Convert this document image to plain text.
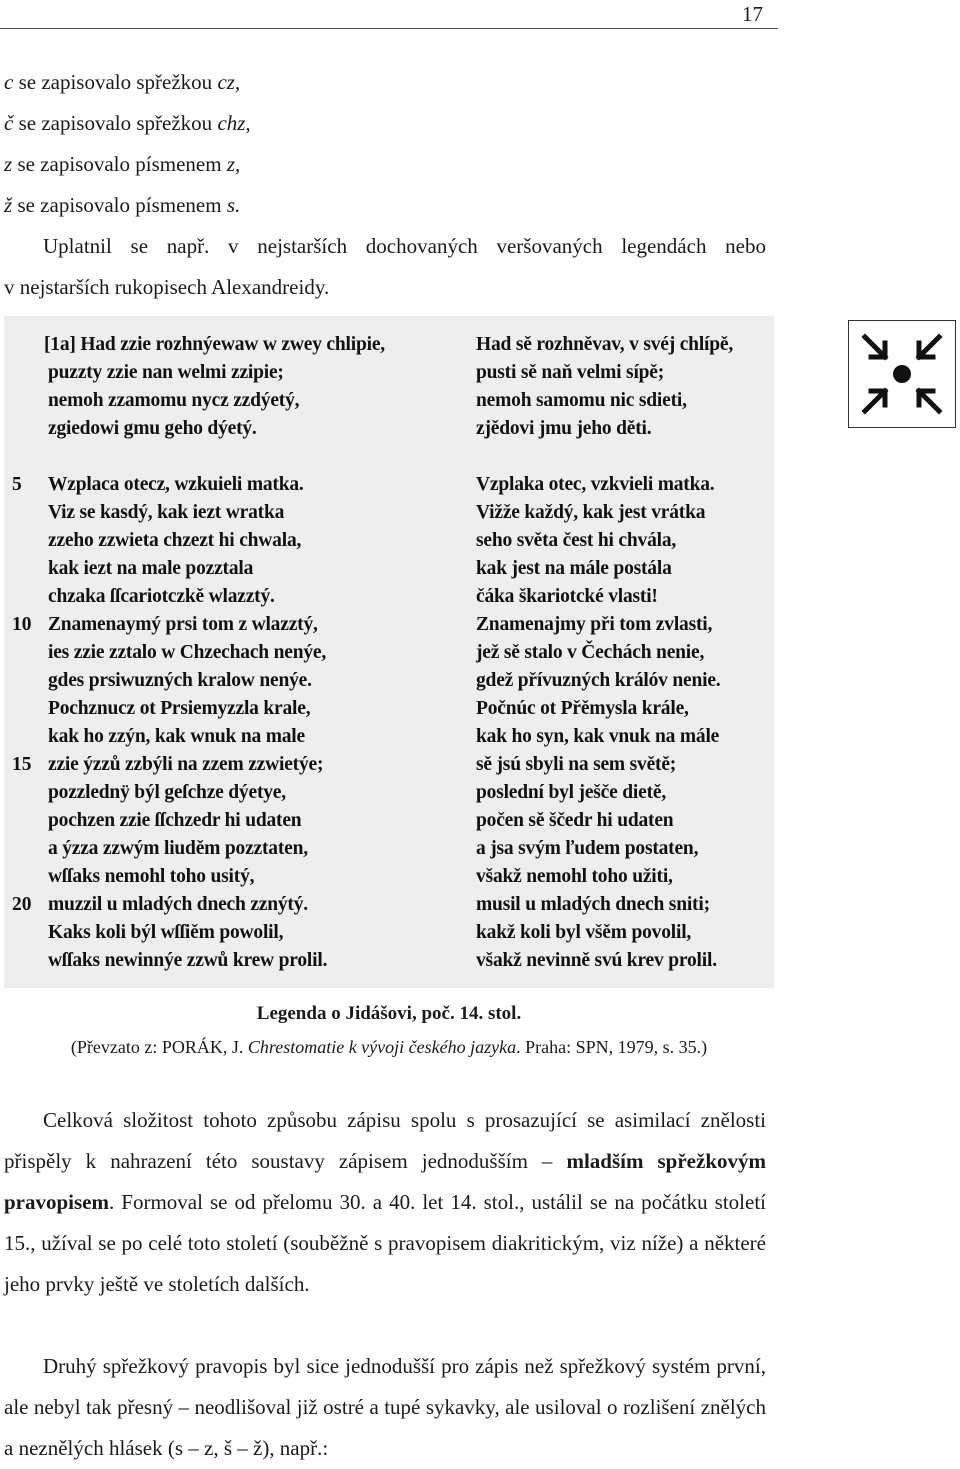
17
c se zapisovalo spřežkou cz,
č se zapisovalo spřežkou chz,
z se zapisovalo písmenem z,
ž se zapisovalo písmenem s.
Uplatnil se např. v nejstarších dochovaných veršovaných legendách nebo
v nejstarších rukopisech Alexandreidy.
[1a] Had zzie rozhnýewaw w zwey chlipie,
puzzty zzie nan welmi zzipie;
nemoh zzamomu nycz zzdýetý,
zgiedowi gmu geho dýetý.
Wzplaca otecz, wzkuieli matka.
Viz se kasdý, kak iezt wratka
zzeho zzwieta chzezt hi chwala,
kak iezt na male pozztala
chzaka ſſcariotczkě wlazztý.
Znamenaymý prsi tom z wlazztý,
ies zzie zztalo w Chzechach nenýe,
gdes prsiwuzných kralow nenýe.
Pochznucz ot Prsiemyzzla krale,
kak ho zzýn, kak wnuk na male
zzie ýzzů zzbýli na zzem zzwietýe;
pozzlednÿ býl geſchze dýetye,
pochzen zzie ſſchzedr hi udaten
a ýzza zzwým liuděm pozztaten,
wſſaks nemohl toho usitý,
muzzil u mladých dnech zznýtý.
Kaks koli býl wſſiěm powolil,
wſſaks newinnýe zzwů krew prolil.
Had sě rozhněvav, v svéj chlípě,
pusti sě naň velmi sípě;
nemoh samomu nic sdieti,
zjědovi jmu jeho děti.
Vzplaka otec, vzkvieli matka.
Vižže každý, kak jest vrátka
seho světa čest hi chvála,
kak jest na mále postála
čáka škariotcké vlasti!
Znamenajmy při tom zvlasti,
jež sě stalo v Čechách nenie,
gdež přívuzných králóv nenie.
Počnúc ot Přěmysla krále,
kak ho syn, kak vnuk na mále
sě jsú sbyli na sem světě;
poslední byl ješče dietě,
počen sě ščedr hi udaten
a jsa svým ľudem postaten,
všakž nemohl toho užiti,
musil u mladých dnech sniti;
kakž koli byl všěm povolil,
všakž nevinně svú krev prolil.
5
10
15
20
Legenda o Jidášovi, poč. 14. stol.
(Převzato z: PORÁK, J. Chrestomatie k vývoji českého jazyka. Praha: SPN, 1979, s. 35.)
Celková složitost tohoto způsobu zápisu spolu s prosazující se asimilací znělosti přispěly k nahrazení této soustavy zápisem jednodušším – mladším spřežkovým pravopisem. Formoval se od přelomu 30. a 40. let 14. stol., ustálil se na počátku století 15., užíval se po celé toto století (souběžně s pravopisem diakritickým, viz níže) a některé jeho prvky ještě ve stoletích dalších.
Druhý spřežkový pravopis byl sice jednodušší pro zápis než spřežkový systém první, ale nebyl tak přesný – neodlišoval již ostré a tupé sykavky, ale usiloval o rozlišení znělých a neznělých hlásek (s – z, š – ž), např.:
